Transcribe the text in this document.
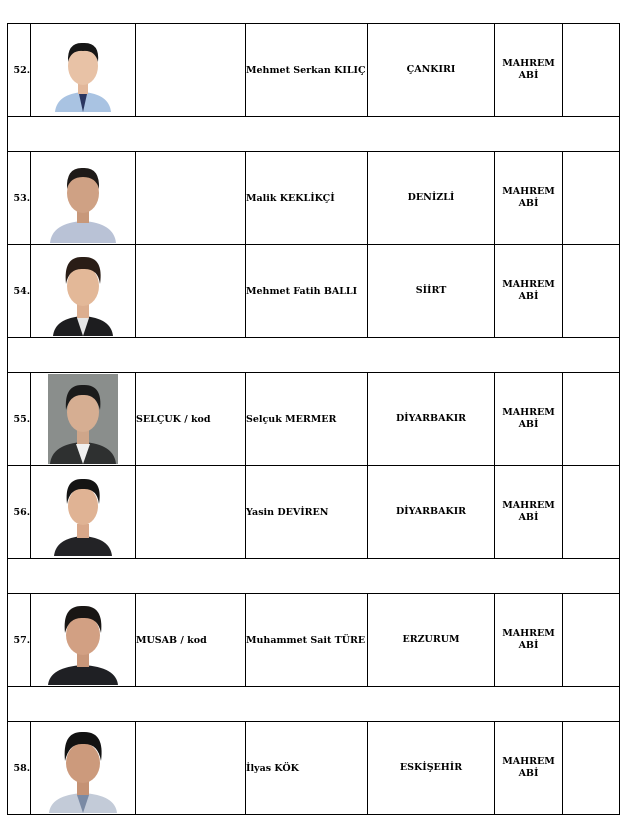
52.			Mehmet Serkan KILIÇ	ÇANKIRI	MAHREM
ABİ	

53.			Malik KEKLİKÇİ	DENİZLİ	MAHREM
ABİ	

54.			Mehmet Fatih BALLI	SİİRT	MAHREM
ABİ	

55.		SELÇUK / kod	Selçuk MERMER	DİYARBAKIR	MAHREM
ABİ	

56.			Yasin DEVİREN	DİYARBAKIR	MAHREM
ABİ	

57.		MUSAB / kod	Muhammet Sait TÜRE	ERZURUM	MAHREM
ABİ	

58.			İlyas KÖK	ESKİŞEHİR	MAHREM
ABİ	
